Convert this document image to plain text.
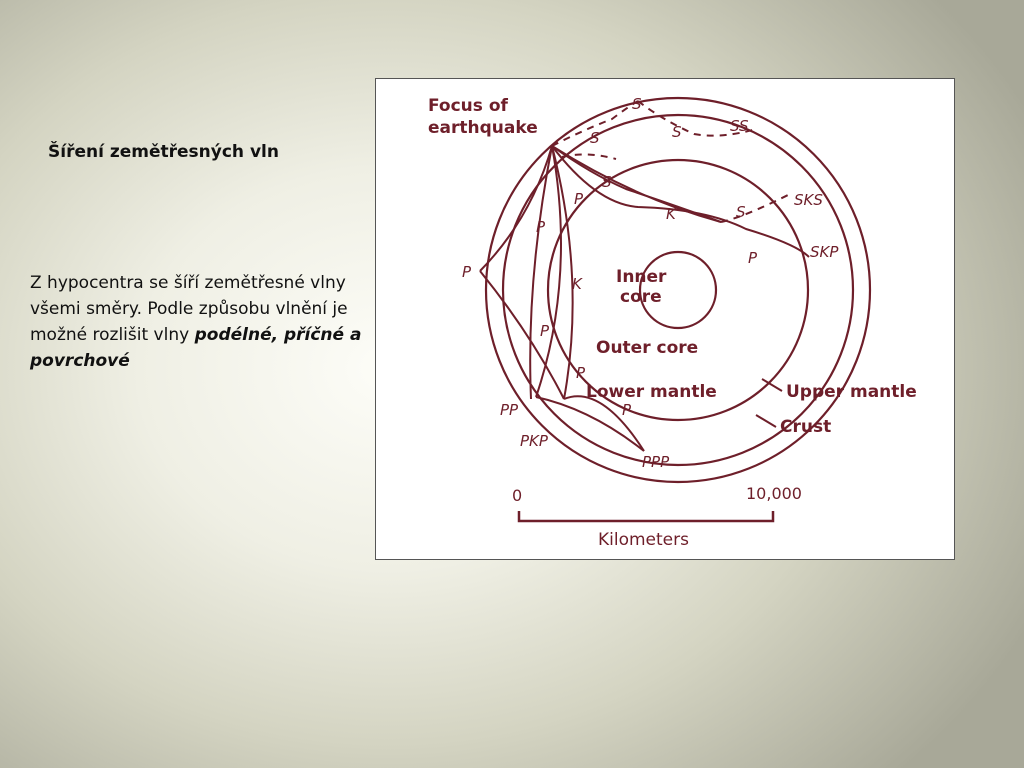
Šíření zemětřesných vln
Z hypocentra se šíří zemětřesné vlny všemi směry. Podle způsobu vlnění je možné rozlišit vlny podélné, příčné a povrchové
Focus of
earthquake
Inner
core
Outer core
Lower mantle	Upper mantle
Crust
S
S	S	SS
S
K	S
SKS
SKP
P
P
P
K
P
P
P
P
PP
PKP
PPP
0	10,000
Kilometers
